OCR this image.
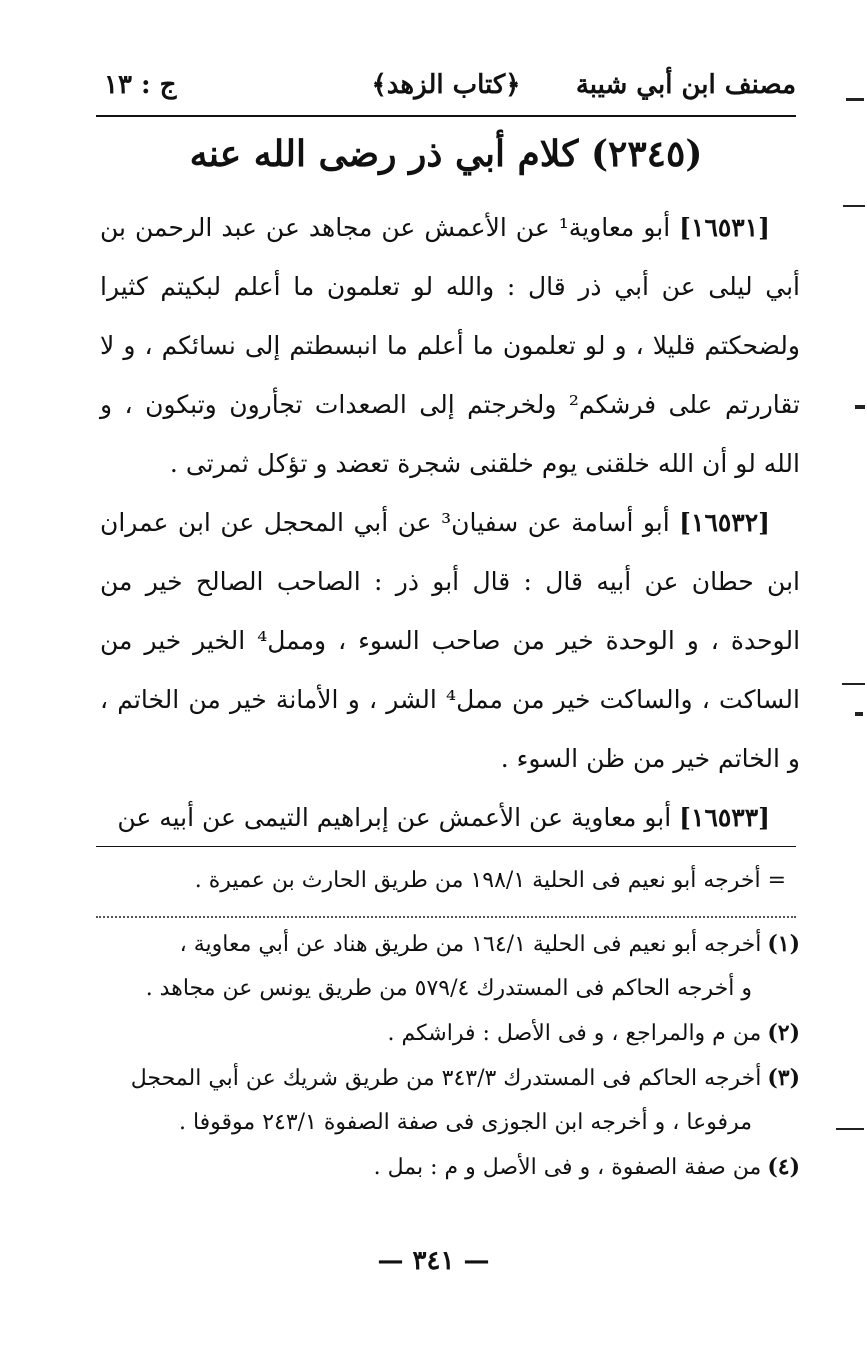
مصنف ابن أبي شيبة
﴿كتاب الزهد﴾
ج : ١٣
(٢٣٤٥) كلام أبي ذر رضى الله عنه

[١٦٥٣١] أبو معاوية¹ عن الأعمش عن مجاهد عن عبد الرحمن بن أبي ليلى عن أبي ذر قال : والله لو تعلمون ما أعلم لبكيتم كثيرا ولضحكتم قليلا ، و لو تعلمون ما أعلم ما انبسطتم إلى نسائكم ، و لا تقاررتم على فرشكم² ولخرجتم إلى الصعدات تجأرون وتبكون ، و الله لو أن الله خلقنى يوم خلقنى شجرة تعضد و تؤكل ثمرتى .

[١٦٥٣٢] أبو أسامة عن سفيان³ عن أبي المحجل عن ابن عمران ابن حطان عن أبيه قال : قال أبو ذر : الصاحب الصالح خير من الوحدة ، و الوحدة خير من صاحب السوء ، وممل⁴ الخير خير من الساكت ، والساكت خير من ممل⁴ الشر ، و الأمانة خير من الخاتم ، و الخاتم خير من ظن السوء .

[١٦٥٣٣] أبو معاوية عن الأعمش عن إبراهيم التيمى عن أبيه عن

= أخرجه أبو نعيم فى الحلية ١٩٨/١ من طريق الحارث بن عميرة .

(١)أخرجه أبو نعيم فى الحلية ١٦٤/١ من طريق هناد عن أبي معاوية ،

و أخرجه الحاكم فى المستدرك ٥٧٩/٤ من طريق يونس عن مجاهد .

(٢)من م والمراجع ، و فى الأصل : فراشكم .

(٣)أخرجه الحاكم فى المستدرك ٣٤٣/٣ من طريق شريك عن أبي المحجل

مرفوعا ، و أخرجه ابن الجوزى فى صفة الصفوة ٢٤٣/١ موقوفا .

(٤)من صفة الصفوة ، و فى الأصل و م : بمل .

— ٣٤١ —
